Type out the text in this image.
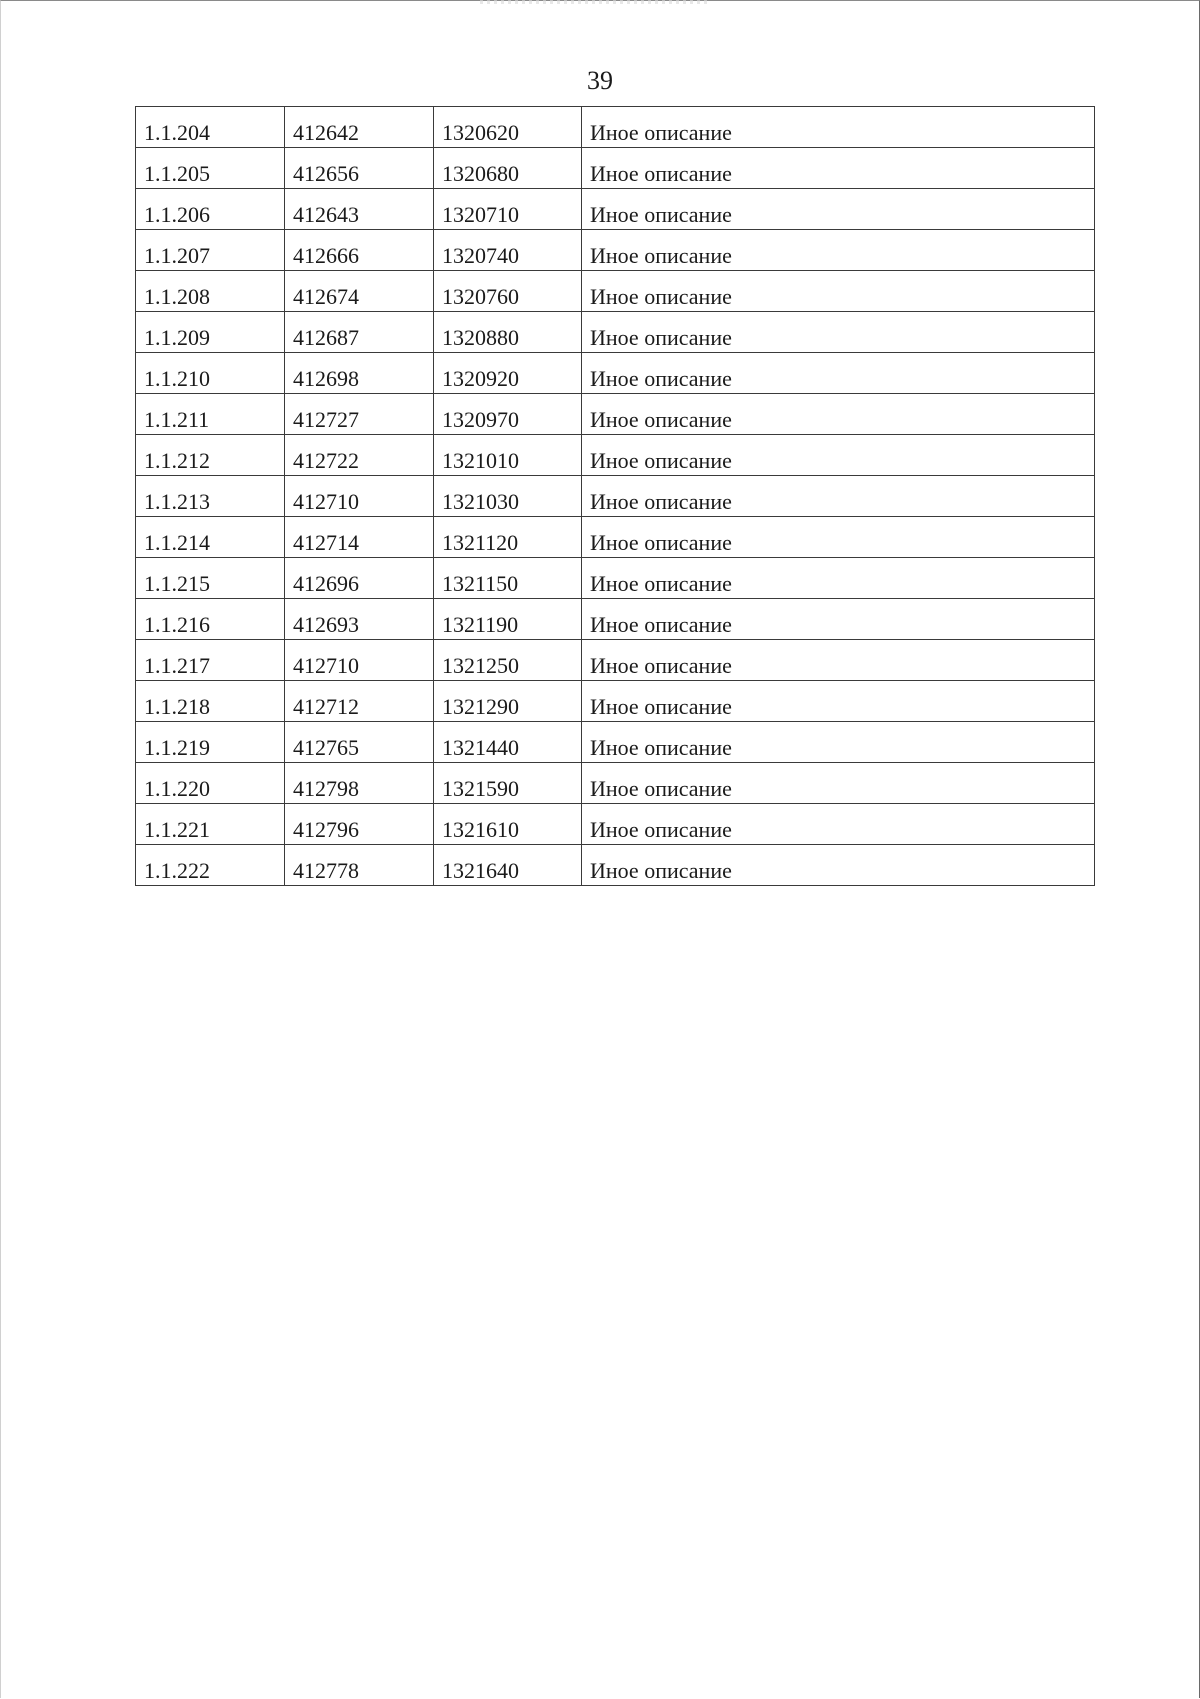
39
1.1.204	412642	1320620	Иное описание
1.1.205	412656	1320680	Иное описание
1.1.206	412643	1320710	Иное описание
1.1.207	412666	1320740	Иное описание
1.1.208	412674	1320760	Иное описание
1.1.209	412687	1320880	Иное описание
1.1.210	412698	1320920	Иное описание
1.1.211	412727	1320970	Иное описание
1.1.212	412722	1321010	Иное описание
1.1.213	412710	1321030	Иное описание
1.1.214	412714	1321120	Иное описание
1.1.215	412696	1321150	Иное описание
1.1.216	412693	1321190	Иное описание
1.1.217	412710	1321250	Иное описание
1.1.218	412712	1321290	Иное описание
1.1.219	412765	1321440	Иное описание
1.1.220	412798	1321590	Иное описание
1.1.221	412796	1321610	Иное описание
1.1.222	412778	1321640	Иное описание
